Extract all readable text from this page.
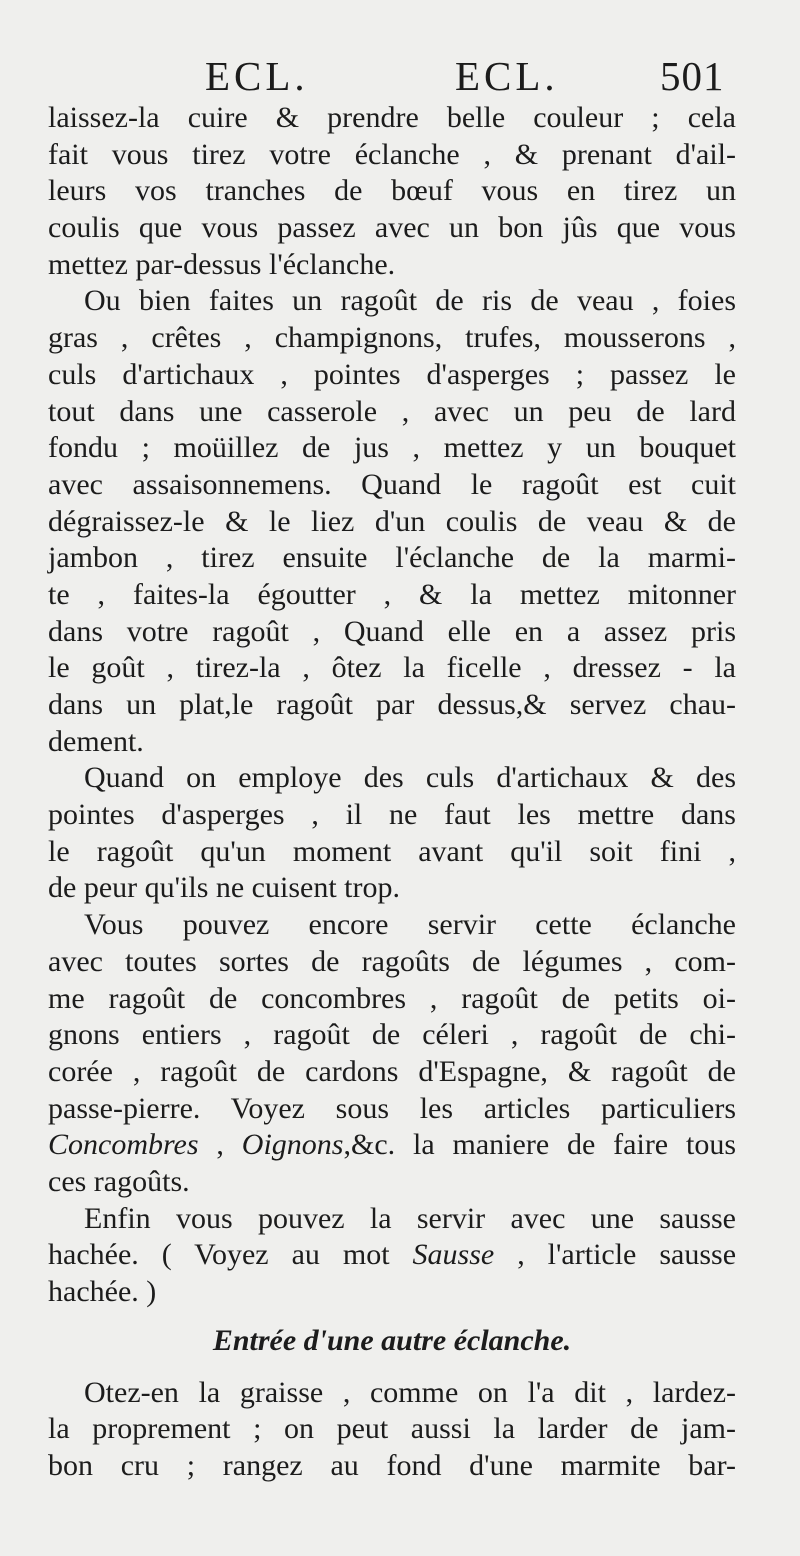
ECL.	ECL. 501
laissez-la cuire & prendre belle couleur ; cela
fait vous tirez votre éclanche , & prenant d'ail-
leurs vos tranches de bœuf vous en tirez un
coulis que vous passez avec un bon jûs que vous
mettez par-dessus l'éclanche.
Ou bien faites un ragoût de ris de veau , foies
gras , crêtes , champignons, trufes, mousserons ,
culs d'artichaux , pointes d'asperges ; passez le
tout dans une casserole , avec un peu de lard
fondu ; moüillez de jus , mettez y un bouquet
avec assaisonnemens. Quand le ragoût est cuit
dégraissez-le & le liez d'un coulis de veau & de
jambon , tirez ensuite l'éclanche de la marmi-
te , faites-la égoutter , & la mettez mitonner
dans votre ragoût , Quand elle en a assez pris
le goût , tirez-la , ôtez la ficelle , dressez - la
dans un plat,le ragoût par dessus,& servez chau-
dement.
Quand on employe des culs d'artichaux & des
pointes d'asperges , il ne faut les mettre dans
le ragoût qu'un moment avant qu'il soit fini ,
de peur qu'ils ne cuisent trop.
Vous pouvez encore servir cette éclanche
avec toutes sortes de ragoûts de légumes , com-
me ragoût de concombres , ragoût de petits oi-
gnons entiers , ragoût de céleri , ragoût de chi-
corée , ragoût de cardons d'Espagne, & ragoût de
passe-pierre. Voyez sous les articles particuliers
Concombres , Oignons,&c. la maniere de faire tous
ces ragoûts.
Enfin vous pouvez la servir avec une sausse
hachée. ( Voyez au mot Sausse , l'article sausse
hachée. )
Entrée d'une autre éclanche.
Otez-en la graisse , comme on l'a dit , lardez-
la proprement ; on peut aussi la larder de jam-
bon cru ; rangez au fond d'une marmite bar-
